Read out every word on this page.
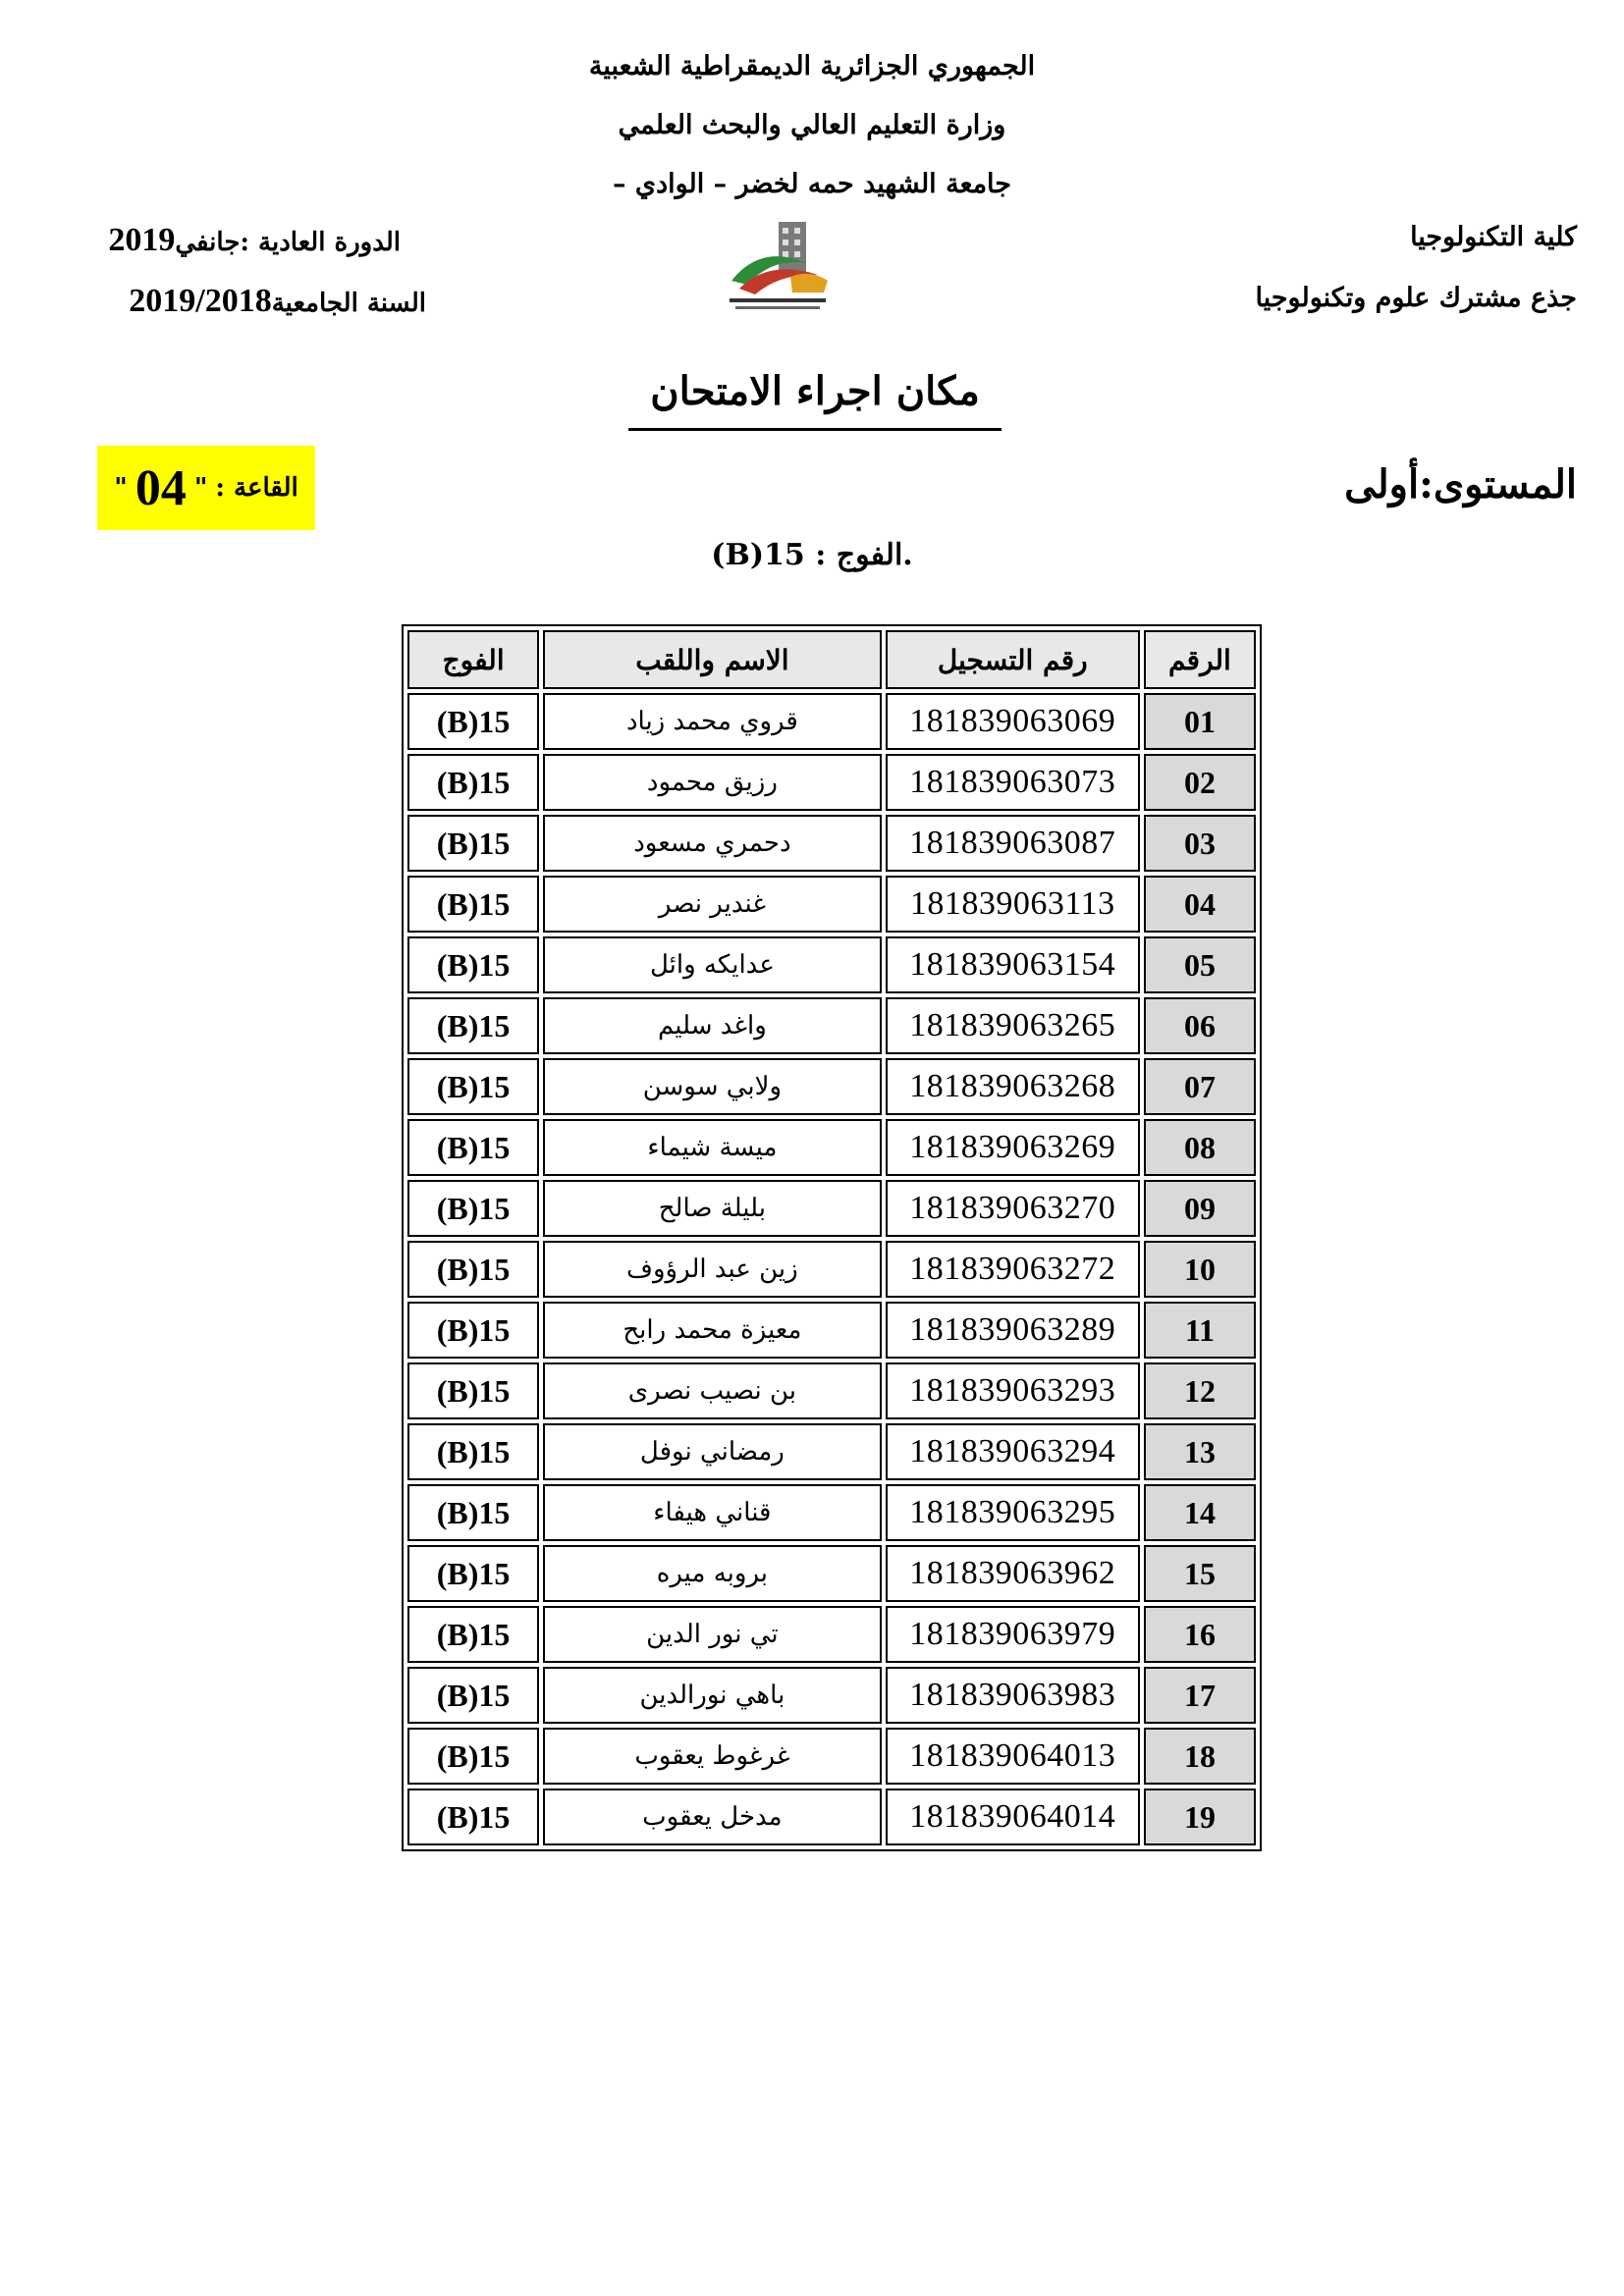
الجمهوري الجزائرية الديمقراطية الشعبية
وزارة التعليم العالي والبحث العلمي
جامعة الشهيد حمه لخضر – الوادي –
كلية التكنولوجيا
جذع مشترك علوم وتكنولوجيا
الدورة العادية :جانفي2019
السنة الجامعية2019/2018
مكان اجراء الامتحان
القاعة :
"
04
"	المستوى:أولى
.الفوج : 15(B)
الرقم	رقم التسجيل	الاسم واللقب	الفوج
01	181839063069	قروي محمد زياد	15(B)
02	181839063073	رزيق محمود	15(B)
03	181839063087	دحمري مسعود	15(B)
04	181839063113	غندير نصر	15(B)
05	181839063154	عدايكه وائل	15(B)
06	181839063265	واغد سليم	15(B)
07	181839063268	ولابي سوسن	15(B)
08	181839063269	ميسة شيماء	15(B)
09	181839063270	بليلة صالح	15(B)
10	181839063272	زين عبد الرؤوف	15(B)
11	181839063289	معيزة محمد رابح	15(B)
12	181839063293	بن نصيب نصرى	15(B)
13	181839063294	رمضاني نوفل	15(B)
14	181839063295	قناني هيفاء	15(B)
15	181839063962	بروبه ميره	15(B)
16	181839063979	تي نور الدين	15(B)
17	181839063983	باهي نورالدين	15(B)
18	181839064013	غرغوط يعقوب	15(B)
19	181839064014	مدخل يعقوب	15(B)
